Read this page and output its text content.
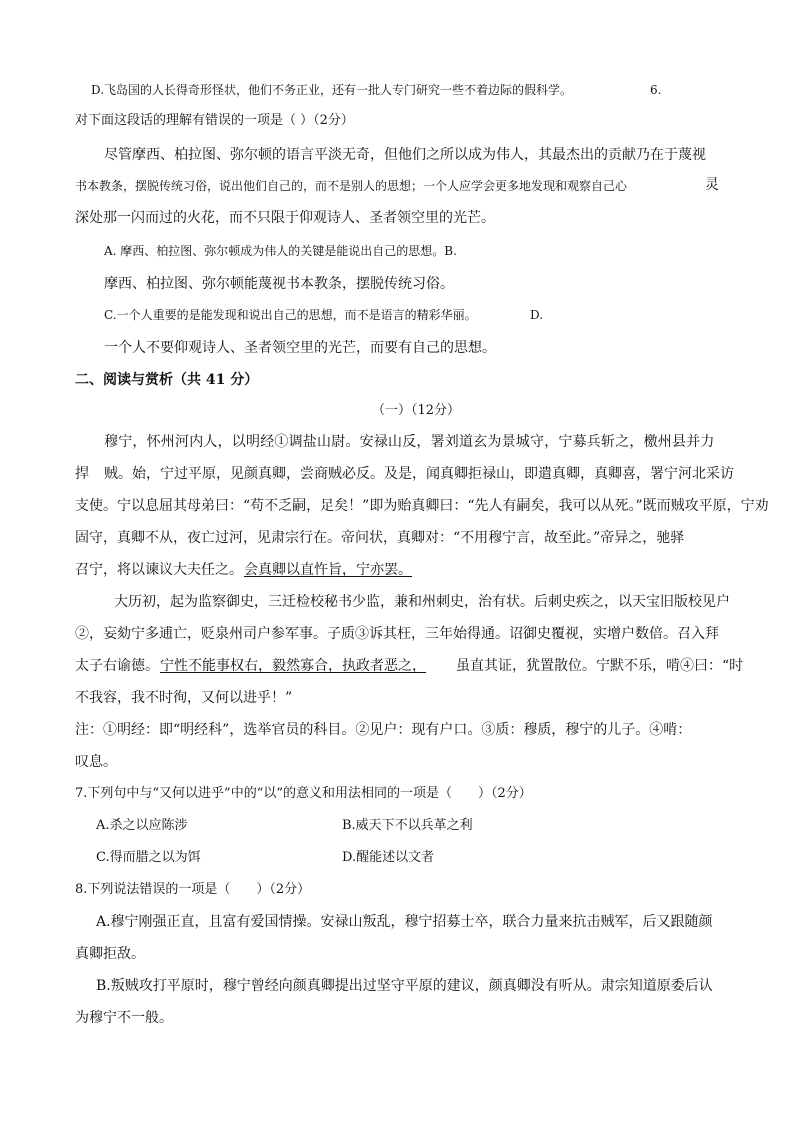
D.飞岛国的人长得奇形怪状，他们不务正业，还有一批人专门研究一些不着边际的假科学。	6.
对下面这段话的理解有错误的一项是（ ）（2分）
尽管摩西、柏拉图、弥尔顿的语言平淡无奇，但他们之所以成为伟人，其最杰出的贡献乃在于蔑视
书本教条，摆脱传统习俗，说出他们自己的，而不是别人的思想；一个人应学会更多地发现和观察自己心	灵
深处那一闪而过的火花，而不只限于仰观诗人、圣者领空里的光芒。
A. 摩西、柏拉图、弥尔顿成为伟人的关键是能说出自己的思想。B.
摩西、柏拉图、弥尔顿能蔑视书本教条，摆脱传统习俗。
C.一个人重要的是能发现和说出自己的思想，而不是语言的精彩华丽。	D.
一个人不要仰观诗人、圣者领空里的光芒，而要有自己的思想。
二、阅读与赏析（共 41 分）
（一）（12分）
穆宁，怀州河内人，以明经①调盐山尉。安禄山反，署刘道玄为景城守，宁募兵斩之，檄州县并力
捍 贼。始，宁过平原，见颜真卿，尝商贼必反。及是，闻真卿拒禄山，即遣真卿，真卿喜，署宁河北采访
支使。宁以息屈其母弟曰：“苟不乏嗣，足矣！”即为贻真卿曰：“先人有嗣矣，我可以从死。”既而贼攻平原，宁劝
固守，真卿不从，夜亡过河，见肃宗行在。帝问状，真卿对：“不用穆宁言，故至此。”帝异之，驰驿
召宁，将以谏议大夫任之。 会真卿以直忤旨，宁亦罢。
大历初，起为监察御史，三迁检校秘书少监，兼和州刺史，治有状。后刺史疾之，以天宝旧版校见户
②，妄劾宁多逋亡，贬泉州司户参军事。子质③诉其枉，三年始得通。诏御史覆视，实增户数倍。召入拜
太子右谕德。 宁性不能事权右，毅然寡合，执政者恶之， 虽直其证，犹置散位。宁默不乐，啃④曰：“时
不我容，我不时徇，又何以进乎！”
注：①明经：即“明经科”，选举官员的科目。②见户：现有户口。③质：穆质，穆宁的儿子。④啃：
叹息。
7.下列句中与“又何以进乎”中的“以”的意义和用法相同的一项是（　　）（2分）
A.杀之以应陈涉	B.威天下不以兵革之利
C.得而腊之以为饵	D.醒能述以文者
8.下列说法错误的一项是（　　）（2分）
A.穆宁刚强正直，且富有爱国情操。安禄山叛乱，穆宁招募士卒，联合力量来抗击贼军，后又跟随颜
真卿拒敌。
B.叛贼攻打平原时，穆宁曾经向颜真卿提出过坚守平原的建议，颜真卿没有听从。肃宗知道原委后认
为穆宁不一般。
